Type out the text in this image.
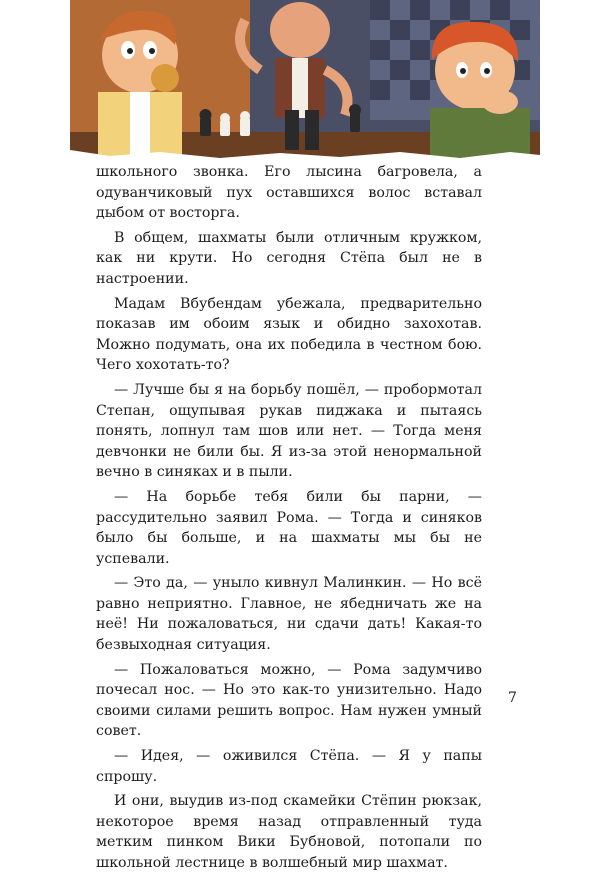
школьного звонка. Его лысина багровела, а одуванчиковый пух оставшихся волос вставал дыбом от восторга.

В общем, шахматы были отличным кружком, как ни крути. Но сегодня Стёпа был не в настроении.

Мадам Вбубендам убежала, предварительно показав им обоим язык и обидно захохотав. Можно подумать, она их победила в честном бою. Чего хохотать-то?

— Лучше бы я на борьбу пошёл, — пробормотал Степан, ощупывая рукав пиджака и пытаясь понять, лопнул там шов или нет. — Тогда меня девчонки не били бы. Я из-за этой ненормальной вечно в синяках и в пыли.

— На борьбе тебя били бы парни, — рассудительно заявил Рома. — Тогда и синяков было бы больше, и на шахматы мы бы не успевали.

— Это да, — уныло кивнул Малинкин. — Но всё равно неприятно. Главное, не ябедничать же на неё! Ни пожаловаться, ни сдачи дать! Какая-то безвыходная ситуация.

— Пожаловаться можно, — Рома задумчиво почесал нос. — Но это как-то унизительно. Надо своими силами решить вопрос. Нам нужен умный совет.

— Идея, — оживился Стёпа. — Я у папы спрошу.

И они, выудив из-под скамейки Стёпин рюкзак, некоторое время назад отправленный туда метким пинком Вики Бубновой, потопали по школьной лестнице в волшебный мир шахмат.

7
